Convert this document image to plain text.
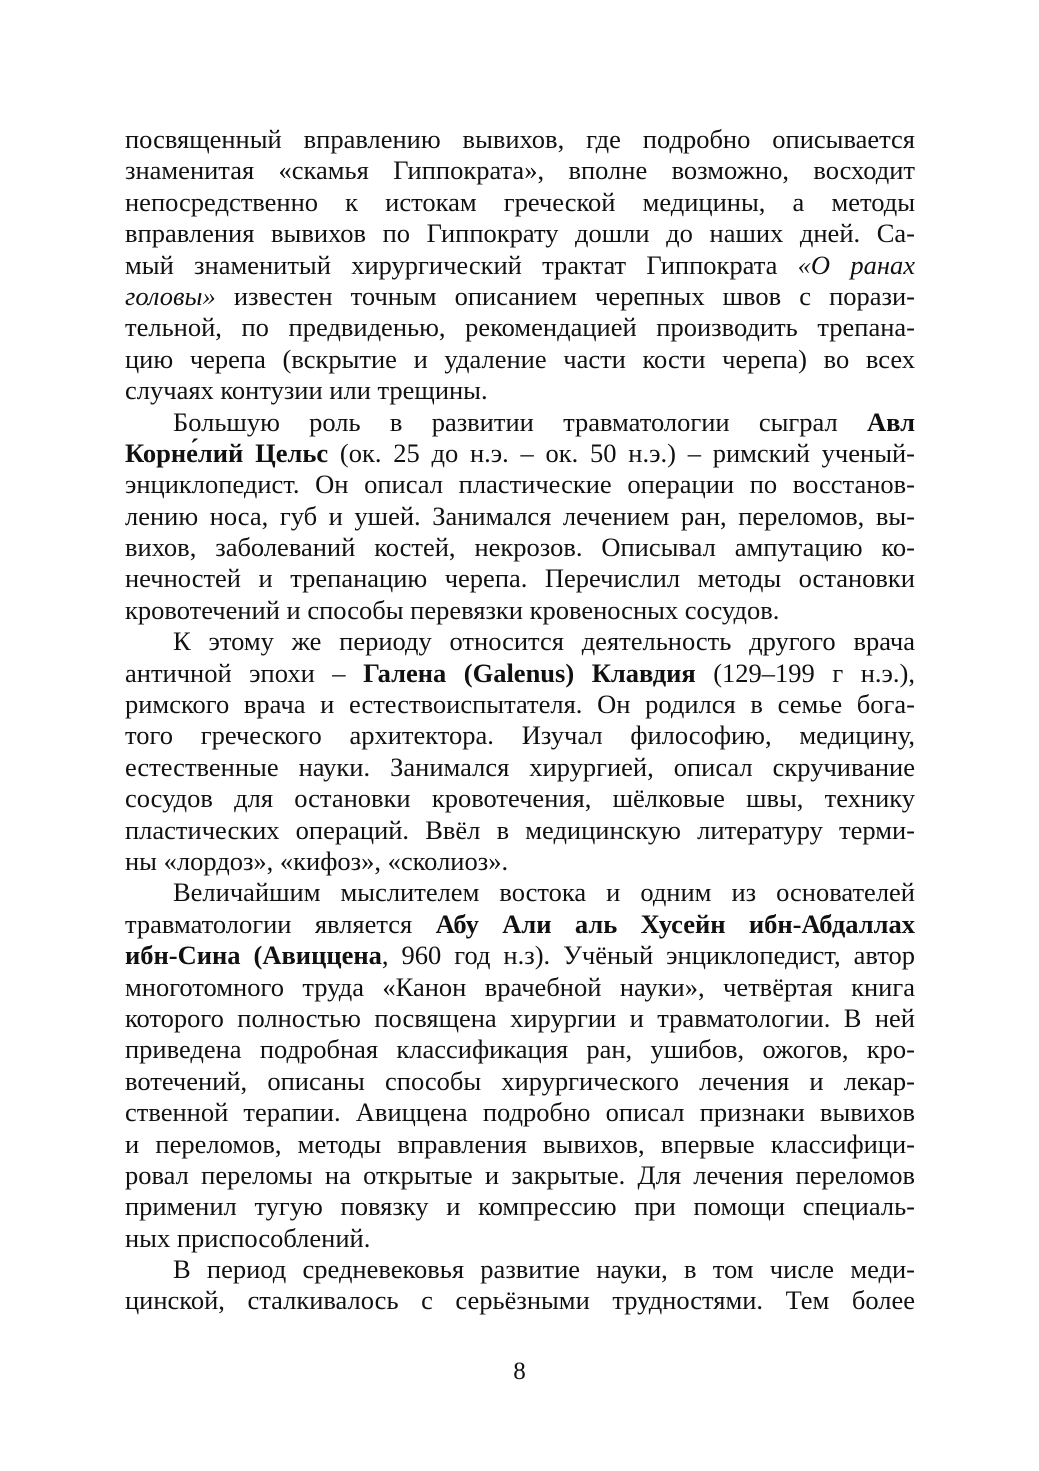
посвященный вправлению вывихов, где подробно описывается
знаменитая «скамья Гиппократа», вполне возможно, восходит
непосредственно к истокам греческой медицины, а методы
вправления вывихов по Гиппократу дошли до наших дней. Са-
мый знаменитый хирургический трактат Гиппократа «О ранах
головы» известен точным описанием черепных швов с порази-
тельной, по предвиденью, рекомендацией производить трепана-
цию черепа (вскрытие и удаление части кости черепа) во всех
случаях контузии или трещины.
Большую роль в развитии травматологии сыграл Авл
Корне́лий Цельс (ок. 25 до н.э. – ок. 50 н.э.) – римский ученый-
энциклопедист. Он описал пластические операции по восстанов-
лению носа, губ и ушей. Занимался лечением ран, переломов, вы-
вихов, заболеваний костей, некрозов. Описывал ампутацию ко-
нечностей и трепанацию черепа. Перечислил методы остановки
кровотечений и способы перевязки кровеносных сосудов.
К этому же периоду относится деятельность другого врача
античной эпохи – Галена (Galenus) Клавдия (129–199 г н.э.),
римского врача и естествоиспытателя. Он родился в семье бога-
того греческого архитектора. Изучал философию, медицину,
естественные науки. Занимался хирургией, описал скручивание
сосудов для остановки кровотечения, шёлковые швы, технику
пластических операций. Ввёл в медицинскую литературу терми-
ны «лордоз», «кифоз», «сколиоз».
Величайшим мыслителем востока и одним из основателей
травматологии является Абу Али аль Хусейн ибн-Абдаллах
ибн-Сина (Авиццена, 960 год н.з). Учёный энциклопедист, автор
многотомного труда «Канон врачебной науки», четвёртая книга
которого полностью посвящена хирургии и травматологии. В ней
приведена подробная классификация ран, ушибов, ожогов, кро-
вотечений, описаны способы хирургического лечения и лекар-
ственной терапии. Авиццена подробно описал признаки вывихов
и переломов, методы вправления вывихов, впервые классифици-
ровал переломы на открытые и закрытые. Для лечения переломов
применил тугую повязку и компрессию при помощи специаль-
ных приспособлений.
В период средневековья развитие науки, в том числе меди-
цинской, сталкивалось с серьёзными трудностями. Тем более
8
